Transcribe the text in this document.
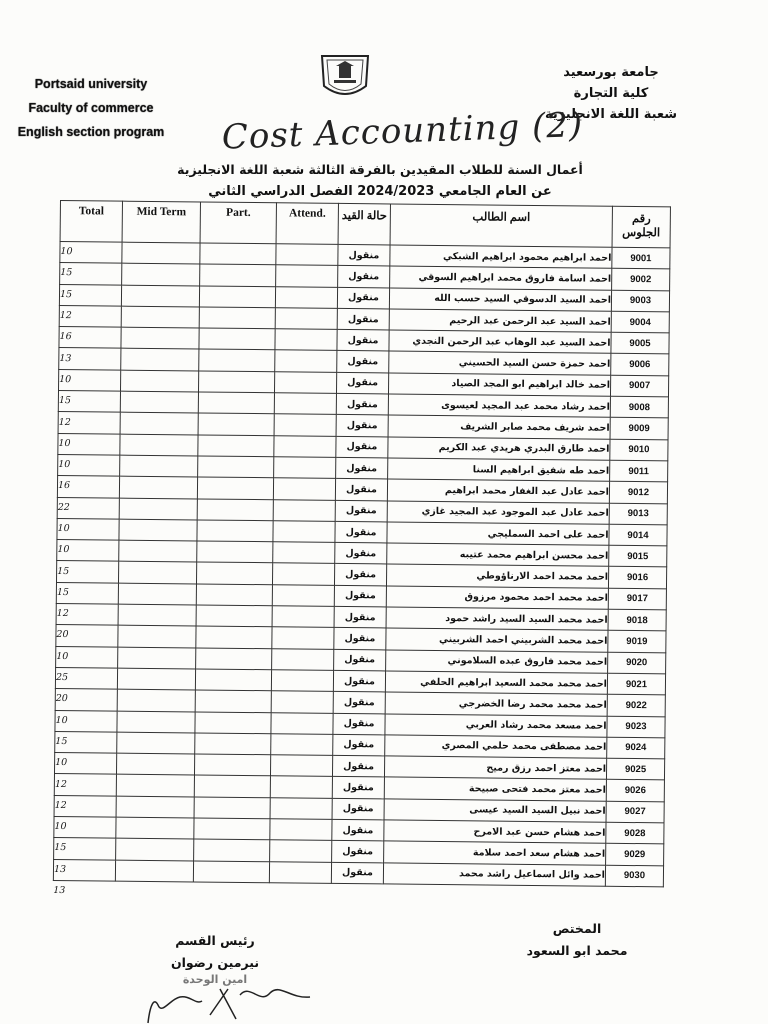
Portsaid university
Faculty of commerce
English section program
جامعة بورسعيد
كلية التجارة
شعبة اللغة الانجليزية
Cost Accounting (2)
أعمال السنة للطلاب المقيدين بالفرقة الثالثة شعبة اللغة الانجليزية
عن العام الجامعي 2024/2023 الفصل الدراسي الثاني
Total	Mid Term	Part.	Attend.	حالة القيد	اسم الطالب	رقم الجلوس
10				منقول	احمد ابراهيم محمود ابراهيم الشبكي	9001
15				منقول	احمد اسامة فاروق محمد ابراهيم السوقي	9002
15				منقول	احمد السيد الدسوقي السيد حسب الله	9003
12				منقول	احمد السيد عبد الرحمن عبد الرحيم	9004
16				منقول	احمد السيد عبد الوهاب عبد الرحمن النجدي	9005
13				منقول	احمد حمزة حسن السيد الحسيني	9006
10				منقول	احمد خالد ابراهيم ابو المجد الصياد	9007
15				منقول	احمد رشاد محمد عبد المجيد لعيسوى	9008
12				منقول	احمد شريف محمد صابر الشريف	9009
10				منقول	احمد طارق البدري هريدي عبد الكريم	9010
10				منقول	احمد طه شفيق ابراهيم السنا	9011
16				منقول	احمد عادل عبد الغفار محمد ابراهيم	9012
22				منقول	احمد عادل عبد الموجود عبد المجيد غازي	9013
10				منقول	احمد على احمد السمليجي	9014
10				منقول	احمد محسن ابراهيم محمد عتيبه	9015
15				منقول	احمد محمد احمد الارناؤوطي	9016
15				منقول	احمد محمد احمد محمود مرزوق	9017
12				منقول	احمد محمد السيد السيد راشد حمود	9018
20				منقول	احمد محمد الشربيني احمد الشربيني	9019
10				منقول	احمد محمد فاروق عبده السلاموني	9020
25				منقول	احمد محمد محمد السعيد ابراهيم الحلفي	9021
20				منقول	احمد محمد محمد رضا الخضرجي	9022
10				منقول	احمد مسعد محمد رشاد العربي	9023
15				منقول	احمد مصطفى محمد حلمي المصري	9024
10				منقول	احمد معتز احمد رزق رميح	9025
12				منقول	احمد معتز محمد فتحى صبيحة	9026
12				منقول	احمد نبيل السيد السيد عيسى	9027
10				منقول	احمد هشام حسن عبد الامرح	9028
15				منقول	احمد هشام سعد احمد سلامة	9029
13				منقول	احمد وائل اسماعيل راشد محمد	9030
13						
رئيس القسم
نيرمين رضوان
امين الوحدة
المختص
محمد ابو السعود
